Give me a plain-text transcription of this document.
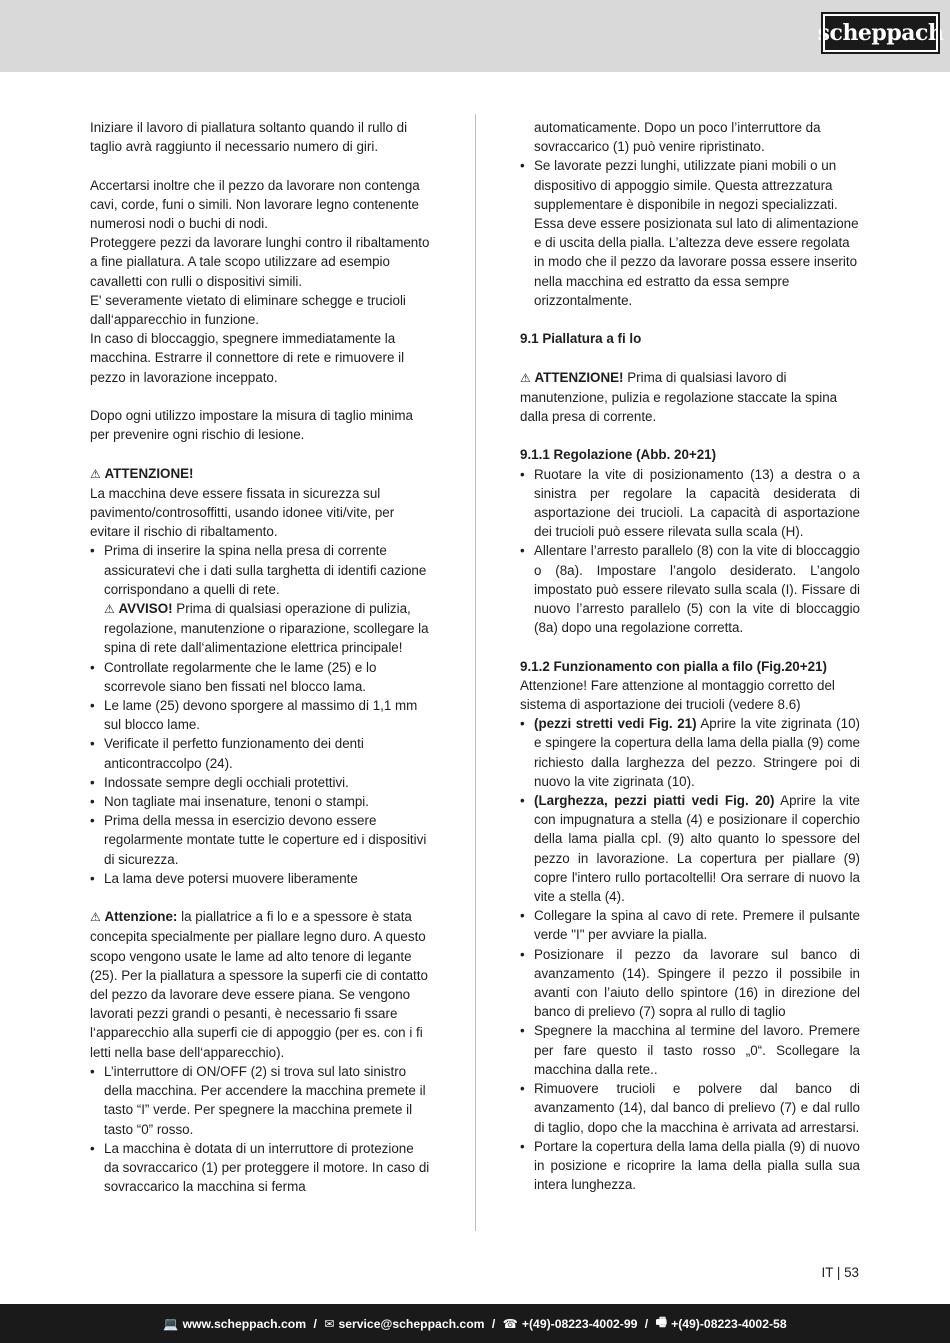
scheppach

Iniziare il lavoro di piallatura soltanto quando il rullo di taglio avrà raggiunto il necessario numero di giri.

Accertarsi inoltre che il pezzo da lavorare non contenga cavi, corde, funi o simili. Non lavorare legno contenente numerosi nodi o buchi di nodi.

Proteggere pezzi da lavorare lunghi contro il ribaltamento a fine piallatura. A tale scopo utilizzare ad esempio cavalletti con rulli o dispositivi simili.

E' severamente vietato di eliminare schegge e trucioli dall‘apparecchio in funzione.

In caso di bloccaggio, spegnere immediatamente la macchina. Estrarre il connettore di rete e rimuovere il pezzo in lavorazione inceppato.

Dopo ogni utilizzo impostare la misura di taglio minima per prevenire ogni rischio di lesione.

⚠ ATTENZIONE!

La macchina deve essere fissata in sicurezza sul pavimento/controsoffitti, usando idonee viti/vite, per evitare il rischio di ribaltamento.

• Prima di inserire la spina nella presa di corrente assicuratevi che i dati sulla targhetta di identifi cazione corrispondano a quelli di rete.
⚠ AVVISO! Prima di qualsiasi operazione di pulizia, regolazione, manutenzione o riparazione, scollegare la spina di rete dall‘alimentazione elettrica principale!
• Controllate regolarmente che le lame (25) e lo scorrevole siano ben fissati nel blocco lama.
• Le lame (25) devono sporgere al massimo di 1,1 mm sul blocco lame.
• Verificate il perfetto funzionamento dei denti anticontraccolpo (24).
• Indossate sempre degli occhiali protettivi.
• Non tagliate mai insenature, tenoni o stampi.
• Prima della messa in esercizio devono essere regolarmente montate tutte le coperture ed i dispositivi di sicurezza.
• La lama deve potersi muovere liberamente

⚠ Attenzione: la piallatrice a fi lo e a spessore è stata concepita specialmente per piallare legno duro. A questo scopo vengono usate le lame ad alto tenore di legante (25). Per la piallatura a spessore la superfi cie di contatto del pezzo da lavorare deve essere piana. Se vengono lavorati pezzi grandi o pesanti, è necessario fi ssare l‘apparecchio alla superfi cie di appoggio (per es. con i fi letti nella base dell‘apparecchio).

• L’interruttore di ON/OFF (2) si trova sul lato sinistro della macchina. Per accendere la macchina premete il tasto “I” verde. Per spegnere la macchina premete il tasto “0” rosso.
• La macchina è dotata di un interruttore di protezione da sovraccarico (1) per proteggere il motore. In caso di sovraccarico la macchina si ferma
automaticamente. Dopo un poco l’interruttore da sovraccarico (1) può venire ripristinato.
• Se lavorate pezzi lunghi, utilizzate piani mobili o un dispositivo di appoggio simile. Questa attrezzatura supplementare è disponibile in negozi specializzati. Essa deve essere posizionata sul lato di alimentazione e di uscita della pialla. L’altezza deve essere regolata in modo che il pezzo da lavorare possa essere inserito nella macchina ed estratto da essa sempre orizzontalmente.

9.1 Piallatura a fi lo

⚠ ATTENZIONE! Prima di qualsiasi lavoro di manutenzione, pulizia e regolazione staccate la spina dalla presa di corrente.

9.1.1 Regolazione (Abb. 20+21)

• Ruotare la vite di posizionamento (13) a destra o a sinistra per regolare la capacità desiderata di asportazione dei trucioli. La capacità di asportazione dei trucioli può essere rilevata sulla scala (H).
• Allentare l’arresto parallelo (8) con la vite di bloccaggio o (8a). Impostare l’angolo desiderato. L’angolo impostato può essere rilevato sulla scala (I). Fissare di nuovo l’arresto parallelo (5) con la vite di bloccaggio (8a) dopo una regolazione corretta.

9.1.2 Funzionamento con pialla a filo (Fig.20+21)

Attenzione! Fare attenzione al montaggio corretto del sistema di asportazione dei trucioli (vedere 8.6)

• (pezzi stretti vedi Fig. 21) Aprire la vite zigrinata (10) e spingere la copertura della lama della pialla (9) come richiesto dalla larghezza del pezzo. Stringere poi di nuovo la vite zigrinata (10).
• (Larghezza, pezzi piatti vedi Fig. 20) Aprire la vite con impugnatura a stella (4) e posizionare il coperchio della lama pialla cpl. (9) alto quanto lo spessore del pezzo in lavorazione. La copertura per piallare (9) copre l'intero rullo portacoltelli! Ora serrare di nuovo la vite a stella (4).
• Collegare la spina al cavo di rete. Premere il pulsante verde "I" per avviare la pialla.
• Posizionare il pezzo da lavorare sul banco di avanzamento (14). Spingere il pezzo il possibile in avanti con l’aiuto dello spintore (16) in direzione del banco di prelievo (7) sopra al rullo di taglio
• Spegnere la macchina al termine del lavoro. Premere per fare questo il tasto rosso „0“. Scollegare la macchina dalla rete..
• Rimuovere trucioli e polvere dal banco di avanzamento (14), dal banco di prelievo (7) e dal rullo di taglio, dopo che la macchina è arrivata ad arrestarsi.
• Portare la copertura della lama della pialla (9) di nuovo in posizione e ricoprire la lama della pialla sulla sua intera lunghezza.
IT | 53
💻 www.scheppach.com / ✉ service@scheppach.com / ☎ +(49)-08223-4002-99 / 🖷 +(49)-08223-4002-58
